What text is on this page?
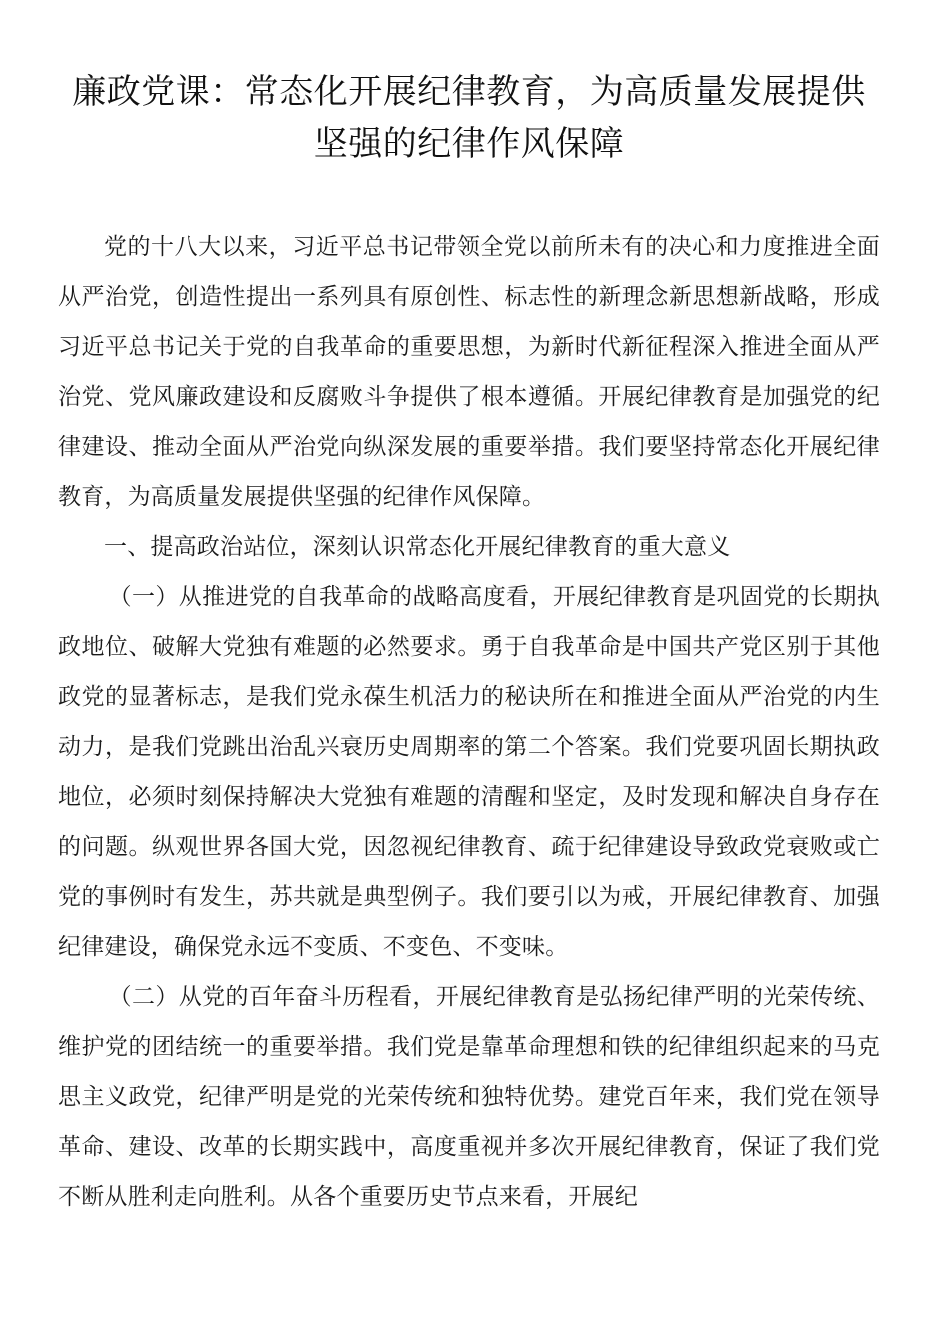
廉政党课：常态化开展纪律教育，为高质量发展提供
坚强的纪律作风保障

党的十八大以来，习近平总书记带领全党以前所未有的决心和力度推进全面从严治党，创造性提出一系列具有原创性、标志性的新理念新思想新战略，形成习近平总书记关于党的自我革命的重要思想，为新时代新征程深入推进全面从严治党、党风廉政建设和反腐败斗争提供了根本遵循。开展纪律教育是加强党的纪律建设、推动全面从严治党向纵深发展的重要举措。我们要坚持常态化开展纪律教育，为高质量发展提供坚强的纪律作风保障。

一、提高政治站位，深刻认识常态化开展纪律教育的重大意义

（一）从推进党的自我革命的战略高度看，开展纪律教育是巩固党的长期执政地位、破解大党独有难题的必然要求。勇于自我革命是中国共产党区别于其他政党的显著标志，是我们党永葆生机活力的秘诀所在和推进全面从严治党的内生动力，是我们党跳出治乱兴衰历史周期率的第二个答案。我们党要巩固长期执政地位，必须时刻保持解决大党独有难题的清醒和坚定，及时发现和解决自身存在的问题。纵观世界各国大党，因忽视纪律教育、疏于纪律建设导致政党衰败或亡党的事例时有发生，苏共就是典型例子。我们要引以为戒，开展纪律教育、加强纪律建设，确保党永远不变质、不变色、不变味。

（二）从党的百年奋斗历程看，开展纪律教育是弘扬纪律严明的光荣传统、维护党的团结统一的重要举措。我们党是靠革命理想和铁的纪律组织起来的马克思主义政党，纪律严明是党的光荣传统和独特优势。建党百年来，我们党在领导革命、建设、改革的长期实践中，高度重视并多次开展纪律教育，保证了我们党不断从胜利走向胜利。从各个重要历史节点来看，开展纪
